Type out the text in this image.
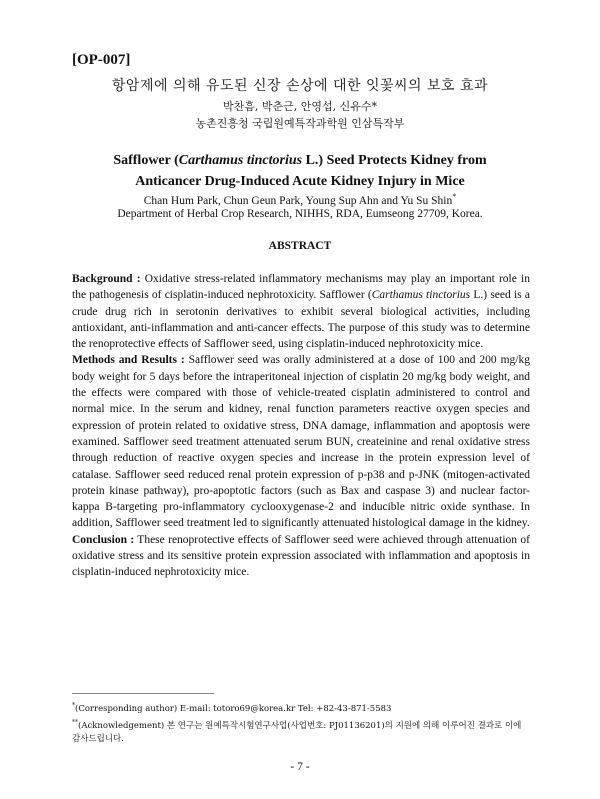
[OP-007]
항암제에 의해 유도된 신장 손상에 대한 잇꽃씨의 보호 효과
박찬흠, 박춘근, 안영섭, 신유수*
농촌진흥청 국립원예특작과학원 인삼특작부
Safflower (Carthamus tinctorius L.) Seed Protects Kidney from
Anticancer Drug-Induced Acute Kidney Injury in Mice
Chan Hum Park, Chun Geun Park, Young Sup Ahn and Yu Su Shin*
Department of Herbal Crop Research, NIHHS, RDA, Eumseong 27709, Korea.
ABSTRACT

Background : Oxidative stress-related inflammatory mechanisms may play an important role in the pathogenesis of cisplatin-induced nephrotoxicity. Safflower (Carthamus tinctorius L.) seed is a crude drug rich in serotonin derivatives to exhibit several biological activities, including antioxidant, anti-inflammation and anti-cancer effects. The purpose of this study was to determine the renoprotective effects of Safflower seed, using cisplatin-induced nephrotoxicity mice.

Methods and Results : Safflower seed was orally administered at a dose of 100 and 200 mg/kg body weight for 5 days before the intraperitoneal injection of cisplatin 20 mg/kg body weight, and the effects were compared with those of vehicle-treated cisplatin administered to control and normal mice. In the serum and kidney, renal function parameters reactive oxygen species and expression of protein related to oxidative stress, DNA damage, inflammation and apoptosis were examined. Safflower seed treatment attenuated serum BUN, createinine and renal oxidative stress through reduction of reactive oxygen species and increase in the protein expression level of catalase. Safflower seed reduced renal protein expression of p-p38 and p-JNK (mitogen-activated protein kinase pathway), pro-apoptotic factors (such as Bax and caspase 3) and nuclear factor-kappa B-targeting pro-inflammatory cyclooxygenase-2 and inducible nitric oxide synthase. In addition, Safflower seed treatment led to significantly attenuated histological damage in the kidney.

Conclusion : These renoprotective effects of Safflower seed were achieved through attenuation of oxidative stress and its sensitive protein expression associated with inflammation and apoptosis in cisplatin-induced nephrotoxicity mice.

*(Corresponding author) E-mail: totoro69@korea.kr Tel: +82-43-871-5583

**(Acknowledgement) 본 연구는 원예특작시험연구사업(사업번호: PJ01136201)의 지원에 의해 이루어진 결과로 이에 감사드립니다.

- 7 -
